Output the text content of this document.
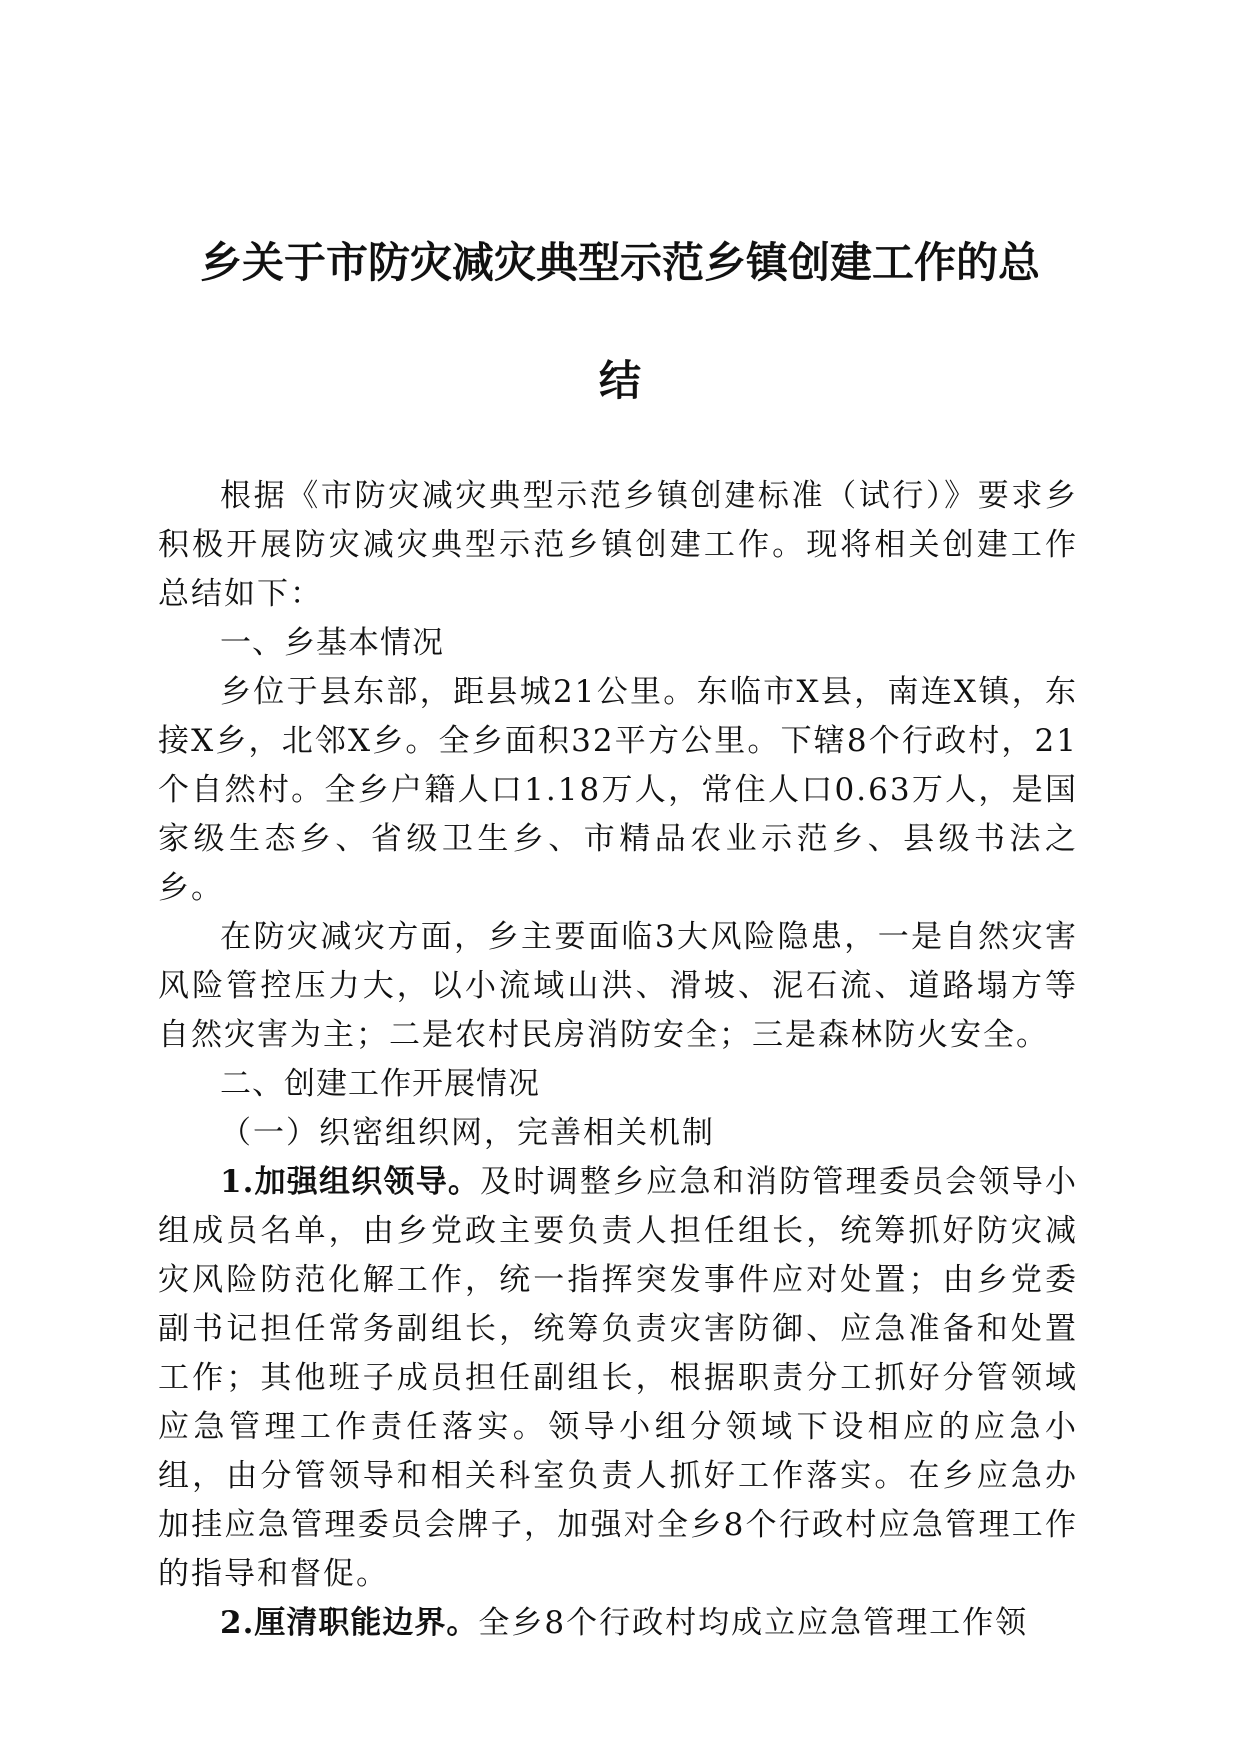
乡关于市防灾减灾典型示范乡镇创建工作的总
结

根据《市防灾减灾典型示范乡镇创建标准（试行）》要求乡积极开展防灾减灾典型示范乡镇创建工作。现将相关创建工作总结如下：

一、乡基本情况

乡位于县东部，距县城21公里。东临市X县，南连X镇，东接X乡，北邻X乡。全乡面积32平方公里。下辖8个行政村，21个自然村。全乡户籍人口1.18万人，常住人口0.63万人，是国家级生态乡、省级卫生乡、市精品农业示范乡、县级书法之乡。

在防灾减灾方面，乡主要面临3大风险隐患，一是自然灾害风险管控压力大，以小流域山洪、滑坡、泥石流、道路塌方等自然灾害为主；二是农村民房消防安全；三是森林防火安全。

二、创建工作开展情况

（一）织密组织网，完善相关机制

1.加强组织领导。及时调整乡应急和消防管理委员会领导小组成员名单，由乡党政主要负责人担任组长，统筹抓好防灾减灾风险防范化解工作，统一指挥突发事件应对处置；由乡党委副书记担任常务副组长，统筹负责灾害防御、应急准备和处置工作；其他班子成员担任副组长，根据职责分工抓好分管领域应急管理工作责任落实。领导小组分领域下设相应的应急小组，由分管领导和相关科室负责人抓好工作落实。在乡应急办加挂应急管理委员会牌子，加强对全乡8个行政村应急管理工作的指导和督促。

2.厘清职能边界。全乡8个行政村均成立应急管理工作领
